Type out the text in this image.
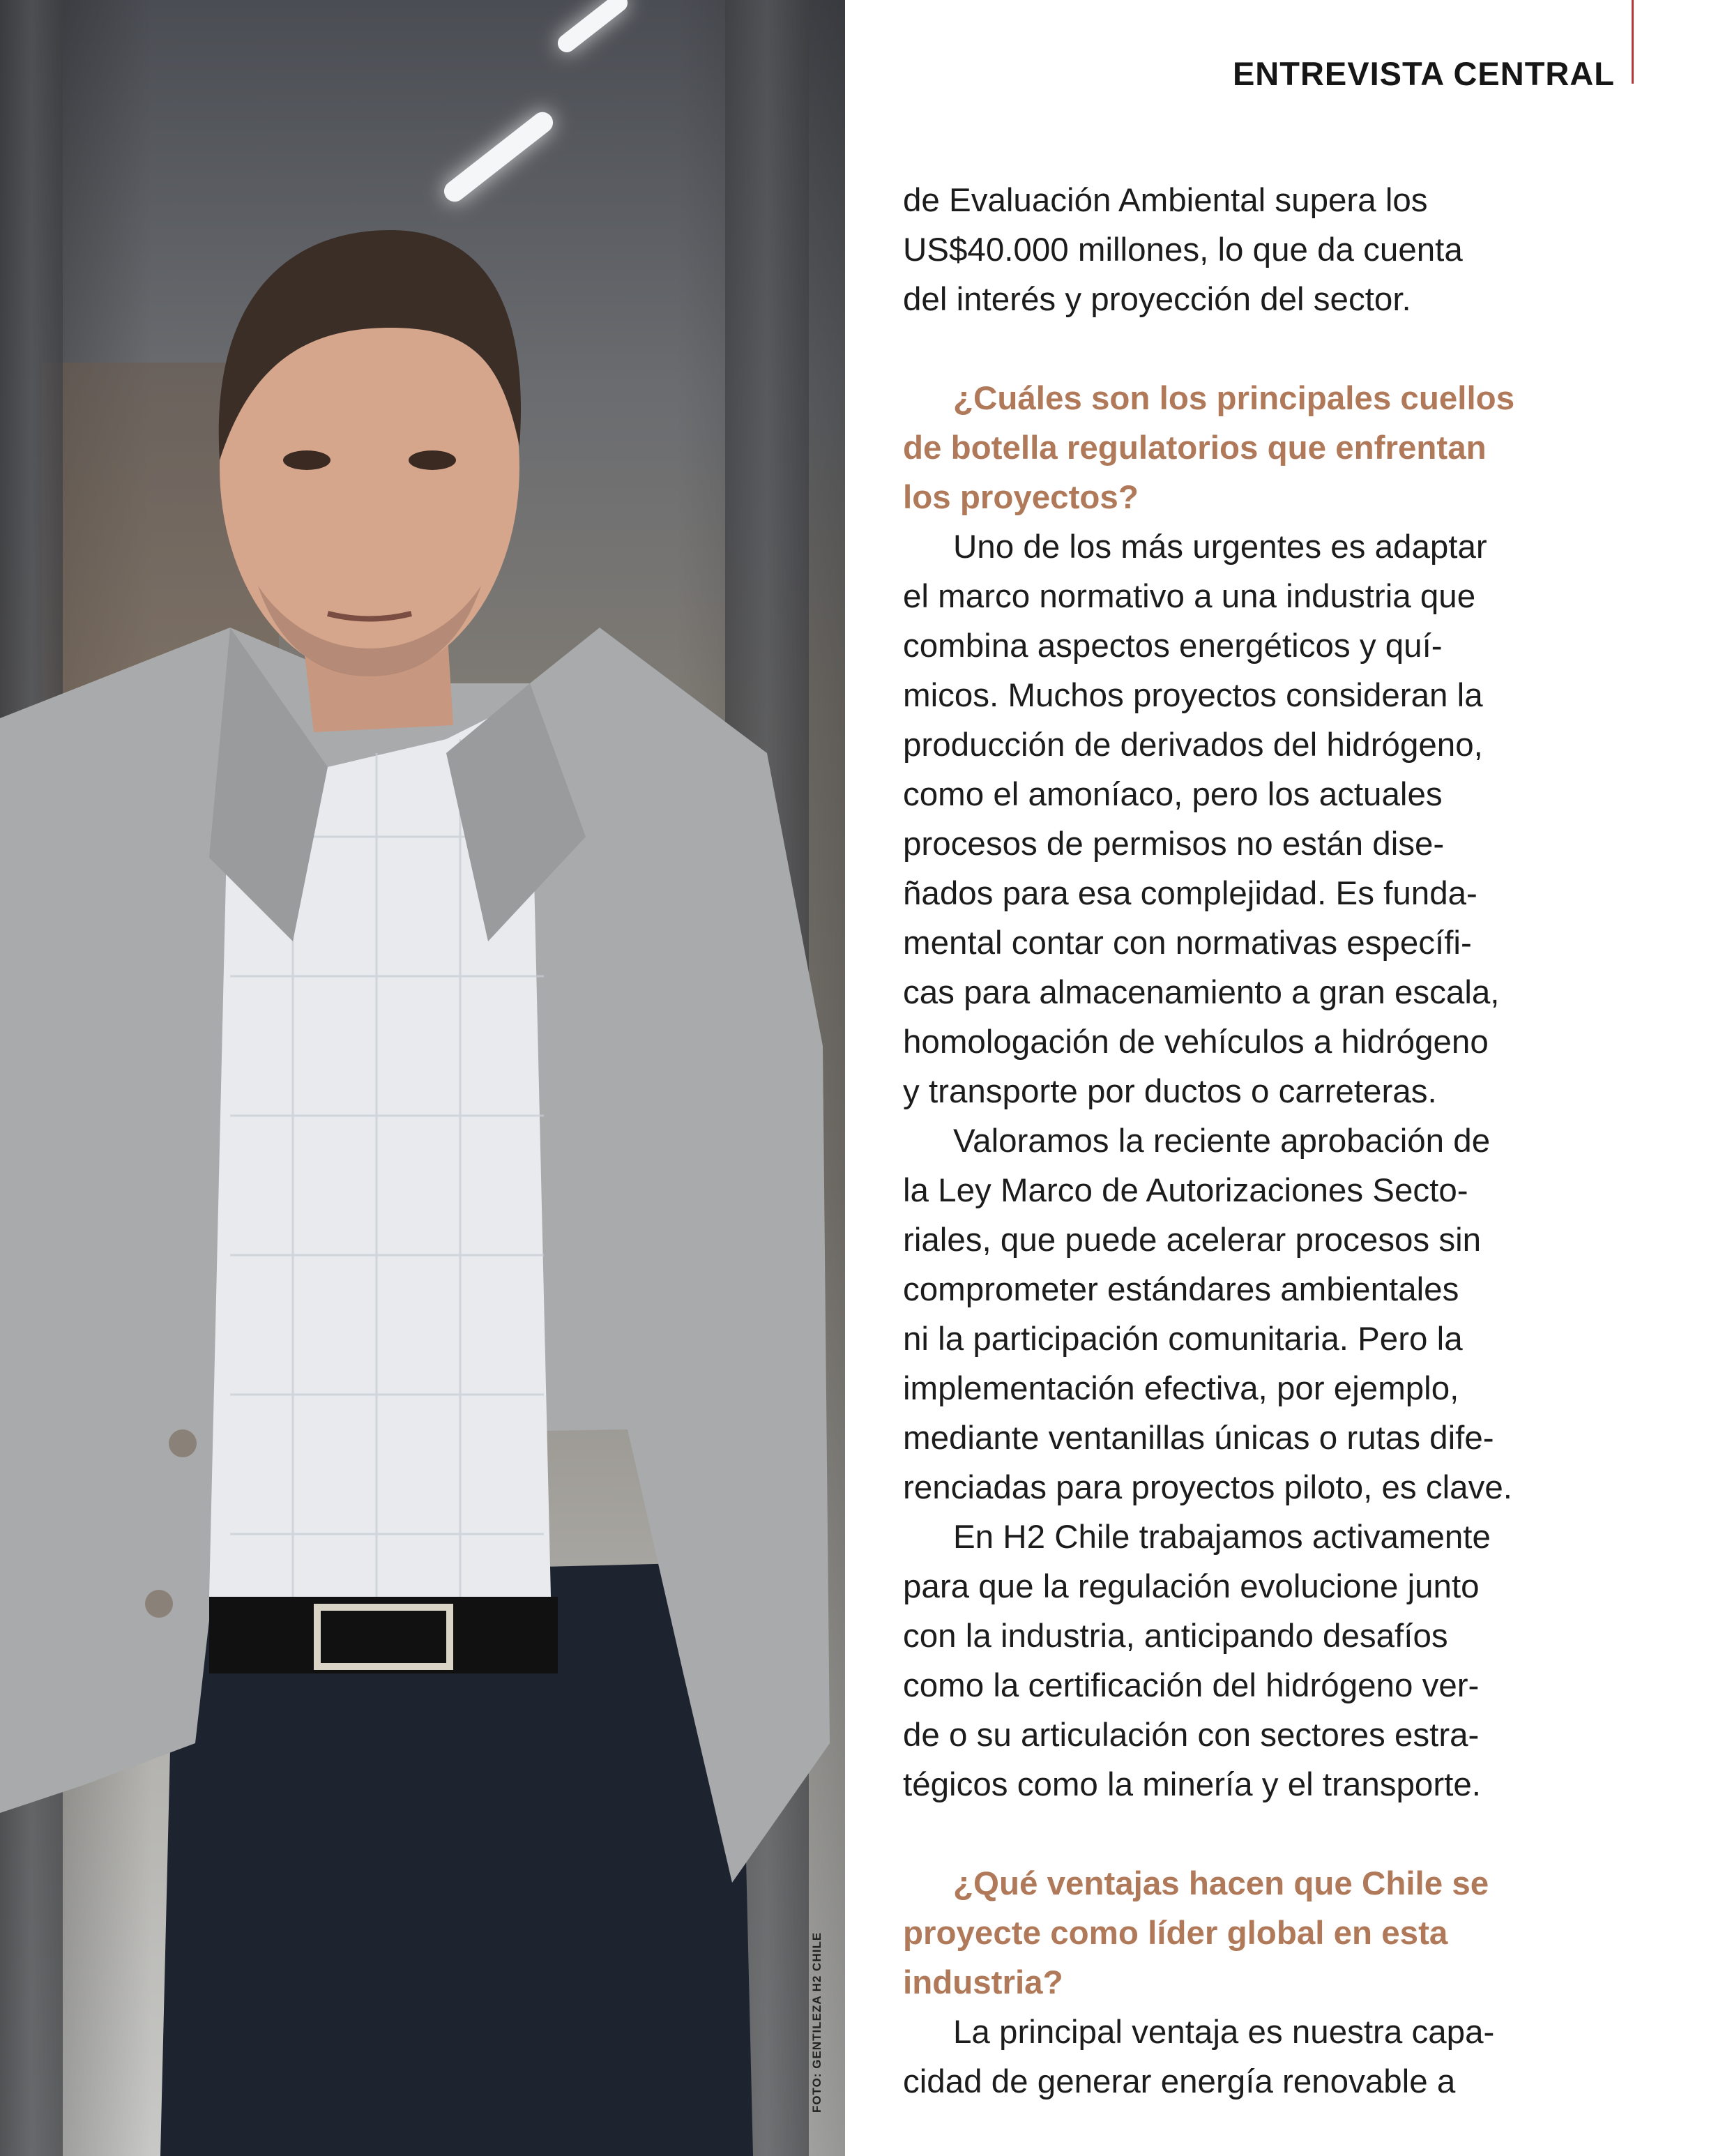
FOTO: GENTILEZA H2 CHILE
ENTREVISTA CENTRAL

de Evaluación Ambiental supera los
US$40.000 millones, lo que da cuenta
del interés y proyección del sector.

¿Cuáles son los principales cuellos
de botella regulatorios que enfrentan
los proyectos?

Uno de los más urgentes es adaptar
el marco normativo a una industria que
combina aspectos energéticos y quí-
micos. Muchos proyectos consideran la
producción de derivados del hidrógeno,
como el amoníaco, pero los actuales
procesos de permisos no están dise-
ñados para esa complejidad. Es funda-
mental contar con normativas específi-
cas para almacenamiento a gran escala,
homologación de vehículos a hidrógeno
y transporte por ductos o carreteras.

Valoramos la reciente aprobación de
la Ley Marco de Autorizaciones Secto-
riales, que puede acelerar procesos sin
comprometer estándares ambientales
ni la participación comunitaria. Pero la
implementación efectiva, por ejemplo,
mediante ventanillas únicas o rutas dife-
renciadas para proyectos piloto, es clave.

En H2 Chile trabajamos activamente
para que la regulación evolucione junto
con la industria, anticipando desafíos
como la certificación del hidrógeno ver-
de o su articulación con sectores estra-
tégicos como la minería y el transporte.

¿Qué ventajas hacen que Chile se
proyecte como líder global en esta
industria?

La principal ventaja es nuestra capa-
cidad de generar energía renovable a
